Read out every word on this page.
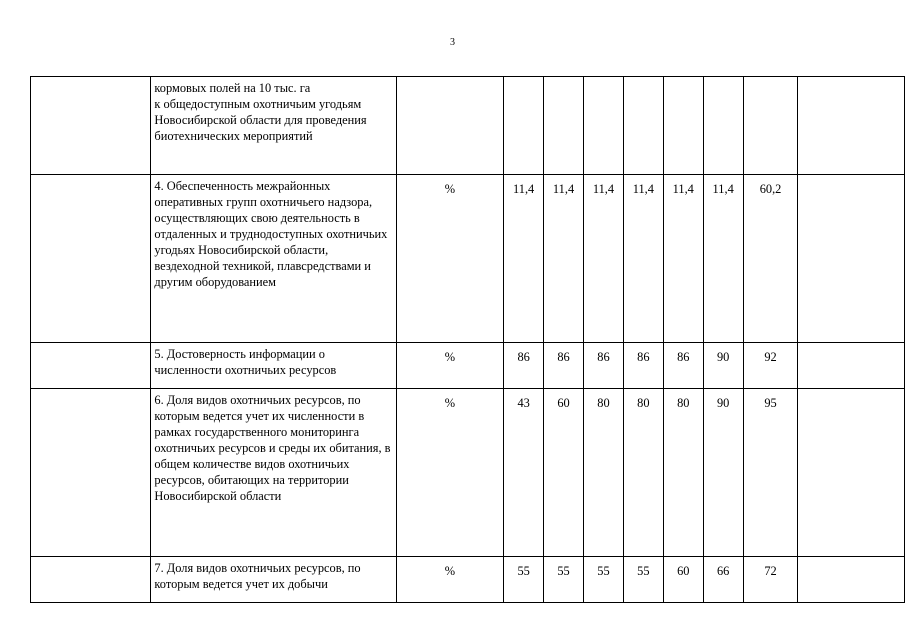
3
	кормовых полей на 10 тыс. га
к общедоступным охотничьим угодьям Новосибирской области для проведения биотехнических мероприятий									
	4. Обеспеченность межрайонных оперативных групп охотничьего надзора, осуществляющих свою деятельность в отдаленных и труднодоступных охотничьих угодьях Новосибирской области, вездеходной техникой, плавсредствами и другим оборудованием	%	11,4	11,4	11,4	11,4	11,4	11,4	60,2	
	5. Достоверность информации о численности охотничьих ресурсов	%	86	86	86	86	86	90	92	
	6. Доля видов охотничьих ресурсов, по которым ведется учет их численности в рамках государственного мониторинга охотничьих ресурсов и среды их обитания, в общем количестве видов охотничьих ресурсов, обитающих на территории Новосибирской области	%	43	60	80	80	80	90	95	
	7. Доля видов охотничьих ресурсов, по которым ведется учет их добычи	%	55	55	55	55	60	66	72	
